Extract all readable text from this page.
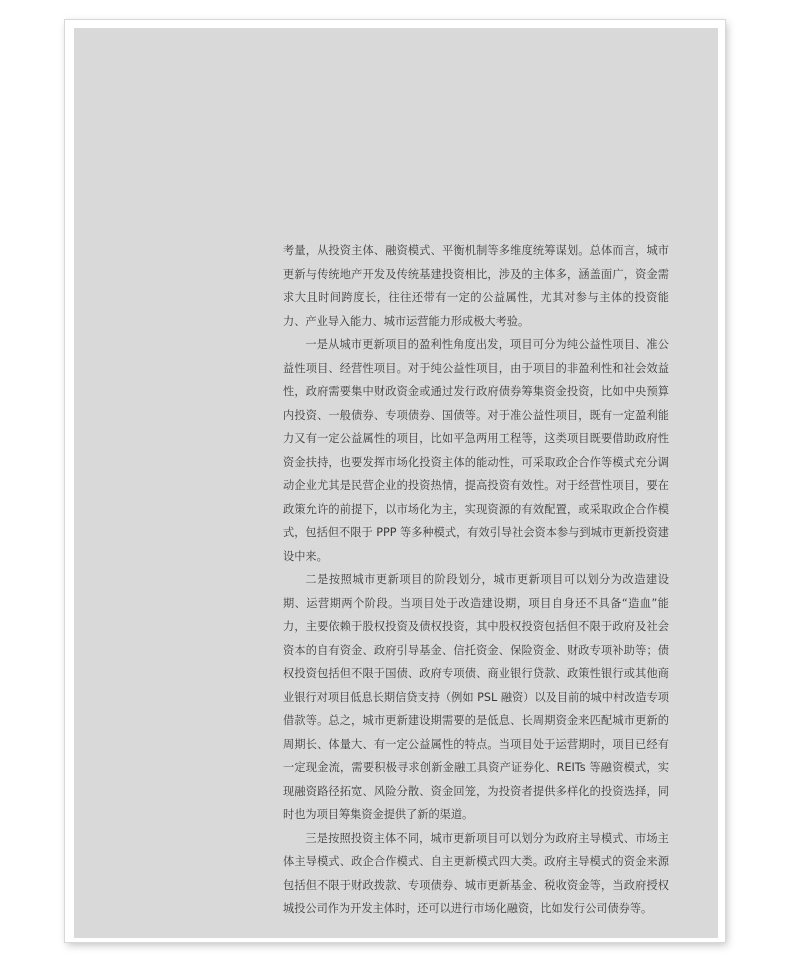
考量，从投资主体、融资模式、平衡机制等多维度统筹谋划。总体而言，城市更新与传统地产开发及传统基建投资相比，涉及的主体多，涵盖面广，资金需求大且时间跨度长，往往还带有一定的公益属性，尤其对参与主体的投资能力、产业导入能力、城市运营能力形成极大考验。

一是从城市更新项目的盈利性角度出发，项目可分为纯公益性项目、准公益性项目、经营性项目。对于纯公益性项目，由于项目的非盈利性和社会效益性，政府需要集中财政资金或通过发行政府债券筹集资金投资，比如中央预算内投资、一般债券、专项债券、国债等。对于准公益性项目，既有一定盈利能力又有一定公益属性的项目，比如平急两用工程等，这类项目既要借助政府性资金扶持，也要发挥市场化投资主体的能动性，可采取政企合作等模式充分调动企业尤其是民营企业的投资热情，提高投资有效性。对于经营性项目，要在政策允许的前提下，以市场化为主，实现资源的有效配置，或采取政企合作模式，包括但不限于 PPP 等多种模式，有效引导社会资本参与到城市更新投资建设中来。

二是按照城市更新项目的阶段划分，城市更新项目可以划分为改造建设期、运营期两个阶段。当项目处于改造建设期，项目自身还不具备“造血”能力，主要依赖于股权投资及债权投资，其中股权投资包括但不限于政府及社会资本的自有资金、政府引导基金、信托资金、保险资金、财政专项补助等；债权投资包括但不限于国债、政府专项债、商业银行贷款、政策性银行或其他商业银行对项目低息长期信贷支持（例如 PSL 融资）以及目前的城中村改造专项借款等。总之，城市更新建设期需要的是低息、长周期资金来匹配城市更新的周期长、体量大、有一定公益属性的特点。当项目处于运营期时，项目已经有一定现金流，需要积极寻求创新金融工具资产证券化、REITs 等融资模式，实现融资路径拓宽、风险分散、资金回笼，为投资者提供多样化的投资选择，同时也为项目筹集资金提供了新的渠道。

三是按照投资主体不同，城市更新项目可以划分为政府主导模式、市场主体主导模式、政企合作模式、自主更新模式四大类。政府主导模式的资金来源包括但不限于财政拨款、专项债券、城市更新基金、税收资金等，当政府授权城投公司作为开发主体时，还可以进行市场化融资，比如发行公司债券等。
